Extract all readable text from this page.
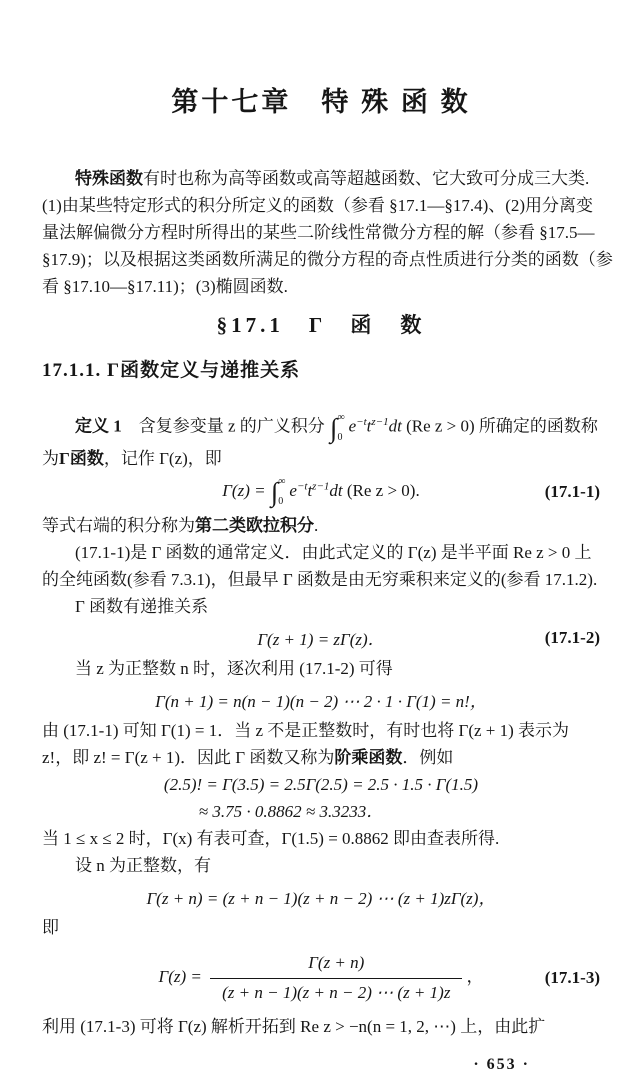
第十七章　特 殊 函 数
特殊函数有时也称为高等函数或高等超越函数、它大致可分成三大类.
(1)由某些特定形式的积分所定义的函数（参看 §17.1—§17.4)、(2)用分离变
量法解偏微分方程时所得出的某些二阶线性常微分方程的解（参看 §17.5—
§17.9)；以及根据这类函数所满足的微分方程的奇点性质进行分类的函数（参
看 §17.10—§17.11)；(3)椭圆函数.
§17.1　Γ　函　数
17.1.1. Γ函数定义与递推关系
定义 1　含复参变量 z 的广义积分 ∫ ∞
0
$e^{-t}t^{z-1}dt$ (Re z > 0) 所确定的函数称
为Γ函数，记作 Γ(z)，即
Γ(z) = ∫ ∞
0
$e^{-t}t^{z-1}dt$ (Re z > 0).	(17.1-1)
等式右端的积分称为第二类欧拉积分.
(17.1-1)是 Γ 函数的通常定义．由此式定义的 Γ(z) 是半平面 Re z > 0 上
的全纯函数(参看 7.3.1)，但最早 Γ 函数是由无穷乘积来定义的(参看 17.1.2).
Γ 函数有递推关系
Γ(z + 1) = zΓ(z)．	(17.1-2)
当 z 为正整数 n 时，逐次利用 (17.1-2) 可得
Γ(n + 1) = n(n − 1)(n − 2) ⋯ 2 · 1 · Γ(1) = n!，
由 (17.1-1) 可知 Γ(1) = 1．当 z 不是正整数时，有时也将 Γ(z + 1) 表示为
z!，即 z! = Γ(z + 1)．因此 Γ 函数又称为阶乘函数．例如
(2.5)! = Γ(3.5) = 2.5Γ(2.5) = 2.5 · 1.5 · Γ(1.5)
≈ 3.75 · 0.8862 ≈ 3.3233．
当 1 ≤ x ≤ 2 时，Γ(x) 有表可查，Γ(1.5) = 0.8862 即由查表所得.
设 n 为正整数，有
Γ(z + n) = (z + n − 1)(z + n − 2) ⋯ (z + 1)zΓ(z)，
即
$\Gamma(z) = \frac{\Gamma(z + n)}{(z + n - 1)(z + n - 2) \cdots (z + 1)z}$ ，	(17.1-3)
利用 (17.1-3) 可将 Γ(z) 解析开拓到 Re z > −n(n = 1, 2, ⋯) 上，由此扩
· 653 ·
